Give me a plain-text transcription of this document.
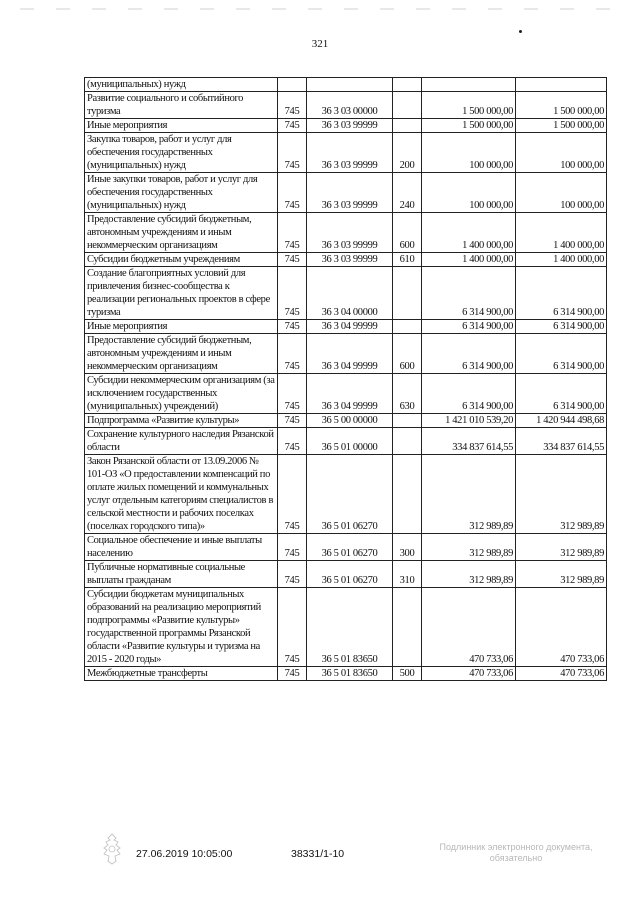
321
(муниципальных) нужд					
Развитие социального и событийного туризма	745	36 3 03 00000		1 500 000,00	1 500 000,00
Иные мероприятия	745	36 3 03 99999		1 500 000,00	1 500 000,00
Закупка товаров, работ и услуг для обеспечения государственных (муниципальных) нужд	745	36 3 03 99999	200	100 000,00	100 000,00
Иные закупки товаров, работ и услуг для обеспечения государственных (муниципальных) нужд	745	36 3 03 99999	240	100 000,00	100 000,00
Предоставление субсидий бюджетным, автономным учреждениям и иным некоммерческим организациям	745	36 3 03 99999	600	1 400 000,00	1 400 000,00
Субсидии бюджетным учреждениям	745	36 3 03 99999	610	1 400 000,00	1 400 000,00
Создание благоприятных условий для привлечения бизнес-сообщества к реализации региональных проектов в сфере туризма	745	36 3 04 00000		6 314 900,00	6 314 900,00
Иные мероприятия	745	36 3 04 99999		6 314 900,00	6 314 900,00
Предоставление субсидий бюджетным, автономным учреждениям и иным некоммерческим организациям	745	36 3 04 99999	600	6 314 900,00	6 314 900,00
Субсидии некоммерческим организациям (за исключением государственных (муниципальных) учреждений)	745	36 3 04 99999	630	6 314 900,00	6 314 900,00
Подпрограмма «Развитие культуры»	745	36 5 00 00000		1 421 010 539,20	1 420 944 498,68
Сохранение культурного наследия Рязанской области	745	36 5 01 00000		334 837 614,55	334 837 614,55
Закон Рязанской области от 13.09.2006 № 101-ОЗ «О предоставлении компенсаций по оплате жилых помещений и коммунальных услуг отдельным категориям специалистов в сельской местности и рабочих поселках (поселках городского типа)»	745	36 5 01 06270		312 989,89	312 989,89
Социальное обеспечение и иные выплаты населению	745	36 5 01 06270	300	312 989,89	312 989,89
Публичные нормативные социальные выплаты гражданам	745	36 5 01 06270	310	312 989,89	312 989,89
Субсидии бюджетам муниципальных образований на реализацию мероприятий подпрограммы «Развитие культуры» государственной программы Рязанской области «Развитие культуры и туризма на 2015 - 2020 годы»	745	36 5 01 83650		470 733,06	470 733,06
Межбюджетные трансферты	745	36 5 01 83650	500	470 733,06	470 733,06
27.06.2019 10:05:00	38331/1-10
Подлинник электронного документа,
обязательно
